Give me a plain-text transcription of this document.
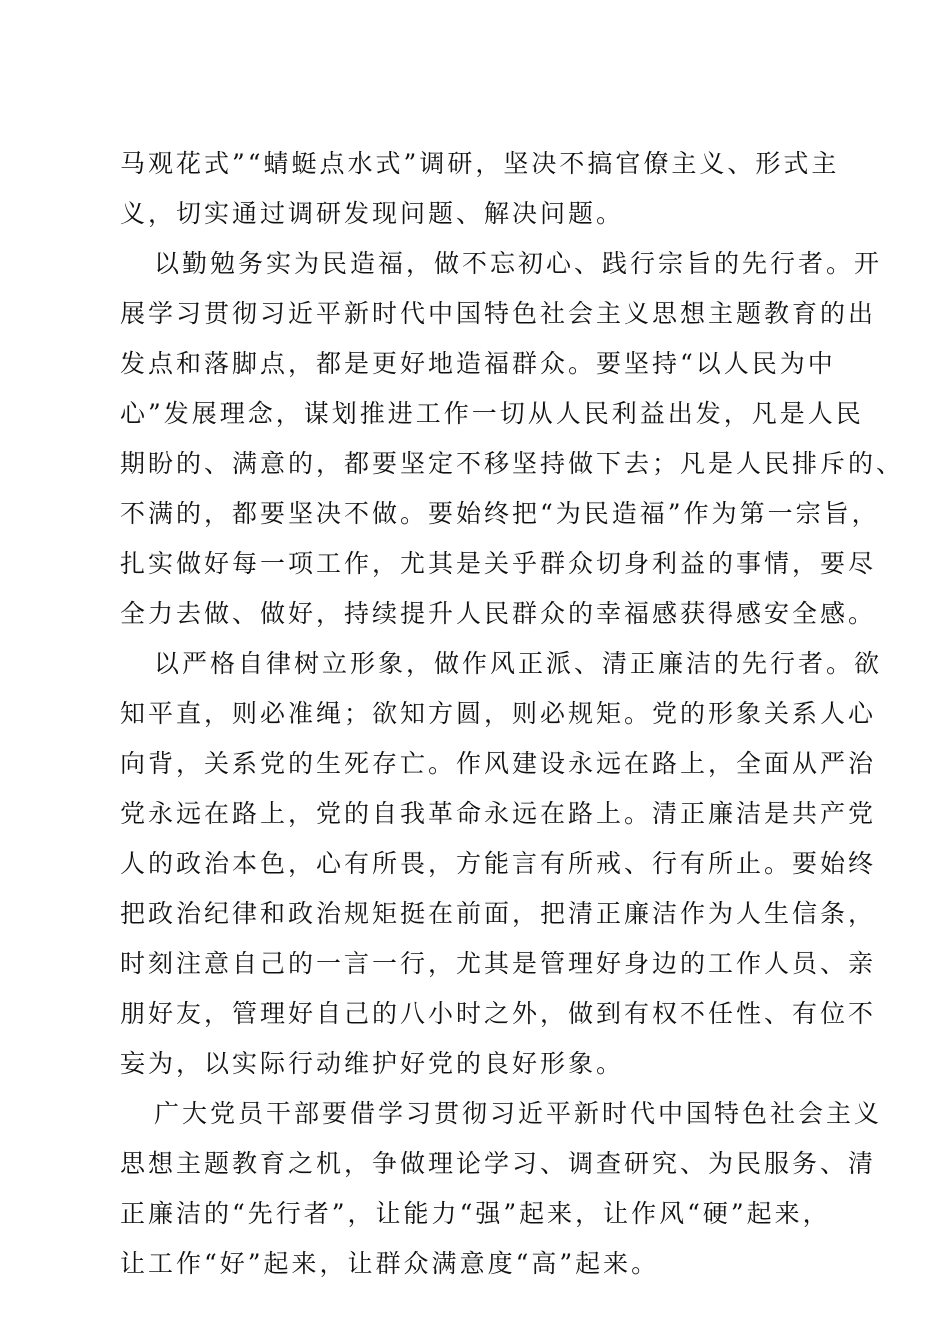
马观花式”“蜻蜓点水式”调研，坚决不搞官僚主义、形式主
义，切实通过调研发现问题、解决问题。
以勤勉务实为民造福，做不忘初心、践行宗旨的先行者。开
展学习贯彻习近平新时代中国特色社会主义思想主题教育的出
发点和落脚点，都是更好地造福群众。要坚持“以人民为中
心”发展理念，谋划推进工作一切从人民利益出发，凡是人民
期盼的、满意的，都要坚定不移坚持做下去；凡是人民排斥的、
不满的，都要坚决不做。要始终把“为民造福”作为第一宗旨，
扎实做好每一项工作，尤其是关乎群众切身利益的事情，要尽
全力去做、做好，持续提升人民群众的幸福感获得感安全感。
以严格自律树立形象，做作风正派、清正廉洁的先行者。欲
知平直，则必准绳；欲知方圆，则必规矩。党的形象关系人心
向背，关系党的生死存亡。作风建设永远在路上，全面从严治
党永远在路上，党的自我革命永远在路上。清正廉洁是共产党
人的政治本色，心有所畏，方能言有所戒、行有所止。要始终
把政治纪律和政治规矩挺在前面，把清正廉洁作为人生信条，
时刻注意自己的一言一行，尤其是管理好身边的工作人员、亲
朋好友，管理好自己的八小时之外，做到有权不任性、有位不
妄为，以实际行动维护好党的良好形象。
广大党员干部要借学习贯彻习近平新时代中国特色社会主义
思想主题教育之机，争做理论学习、调查研究、为民服务、清
正廉洁的“先行者”，让能力“强”起来，让作风“硬”起来，
让工作“好”起来，让群众满意度“高”起来。
